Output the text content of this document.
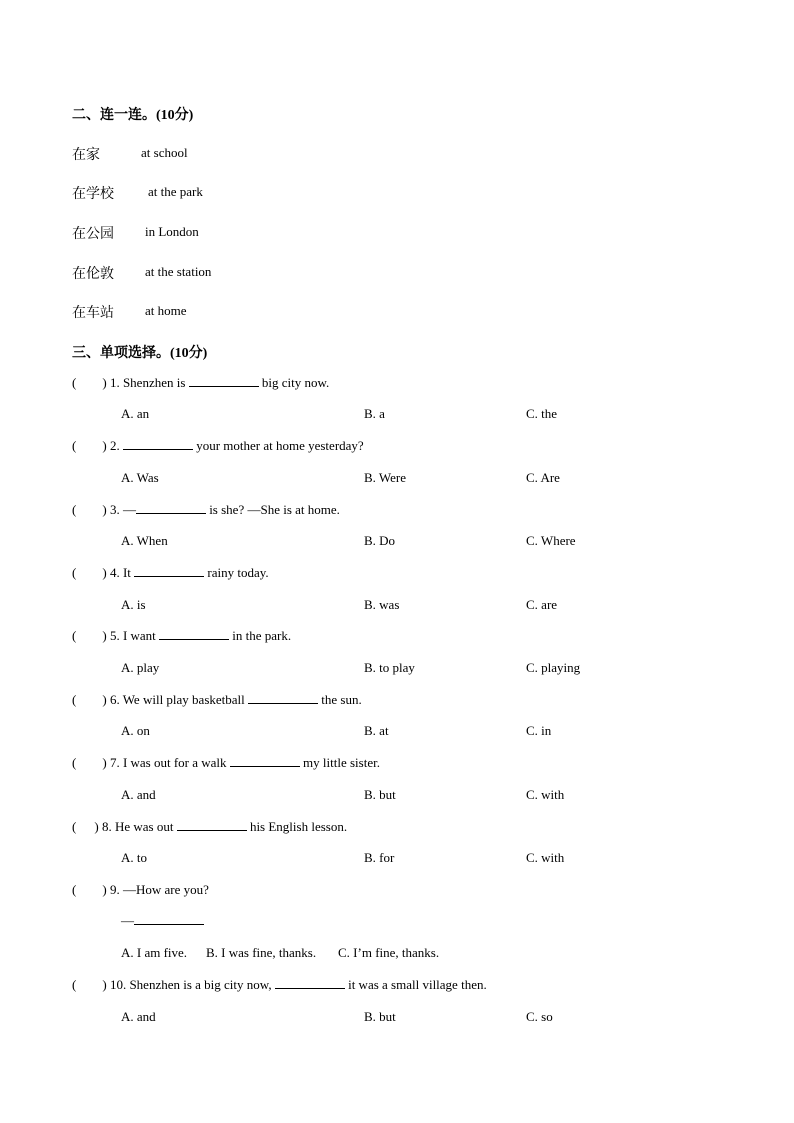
二、连一连。(10分)
在家	at school
在学校	at the park
在公园 in London
在伦敦 at the station
在车站 at home
三、单项选择。(10分)
( ) 1. Shenzhen is	big city now.
A. an	B. a	C. the
( ) 2.	your mother at home yesterday?
A. Was	B. Were	C. Are
( ) 3. —	is she? —She is at home.
A. When	B. Do	C. Where
( ) 4. It	rainy today.
A. is	B. was	C. are
( ) 5. I want	in the park.
A. play	B. to play	C. playing
( ) 6. We will play basketball	the sun.
A. on	B. at	C. in
( ) 7. I was out for a walk	my little sister.
A. and	B. but	C. with
( ) 8. He was out	his English lesson.
A. to	B. for	C. with
( ) 9. —How are you?
—
A. I am five. B. I was fine, thanks. C. I’m fine, thanks.
( ) 10. Shenzhen is a big city now,	it was a small village then.
A. and	B. but	C. so
